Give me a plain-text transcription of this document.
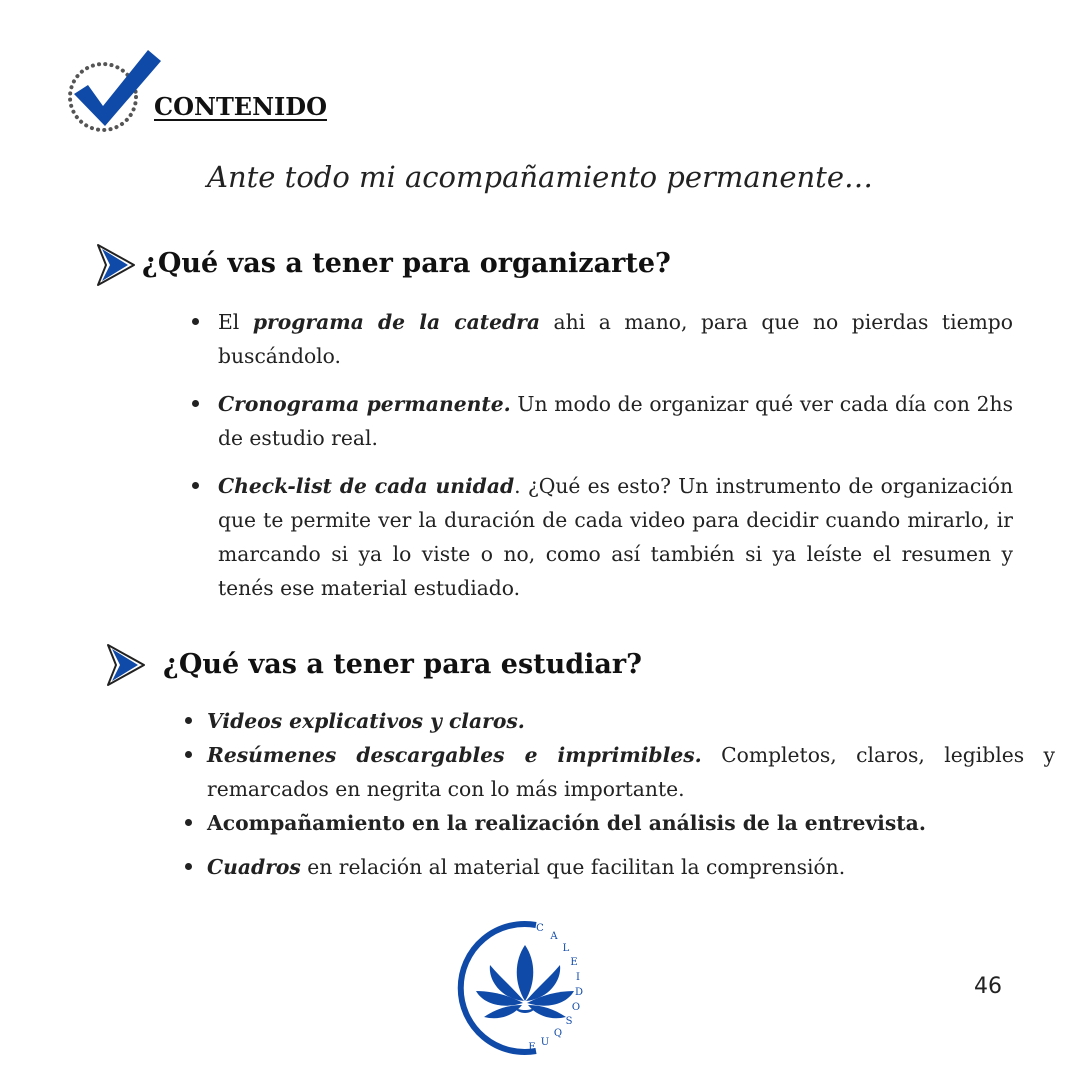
CONTENIDO

Ante todo mi acompañamiento permanente…

¿Qué vas a tener para organizarte?
El programa de la catedra ahi a mano, para que no pierdas tiempo buscándolo.
Cronograma permanente. Un modo de organizar qué ver cada día con 2hs de estudio real.
Check-list de cada unidad. ¿Qué es esto? Un instrumento de organización que te permite ver la duración de cada video para decidir cuando mirarlo, ir marcando si ya lo viste o no, como así también si ya leíste el resumen y tenés ese material estudiado.
¿Qué vas a tener para estudiar?
Videos explicativos y claros.
Resúmenes descargables e imprimibles. Completos, claros, legibles y remarcados en negrita con lo más importante.
Acompañamiento en la realización del análisis de la entrevista.
Cuadros en relación al material que facilitan la comprensión.
C
A
L
E
I
D
O
S
Q
U
E
46
